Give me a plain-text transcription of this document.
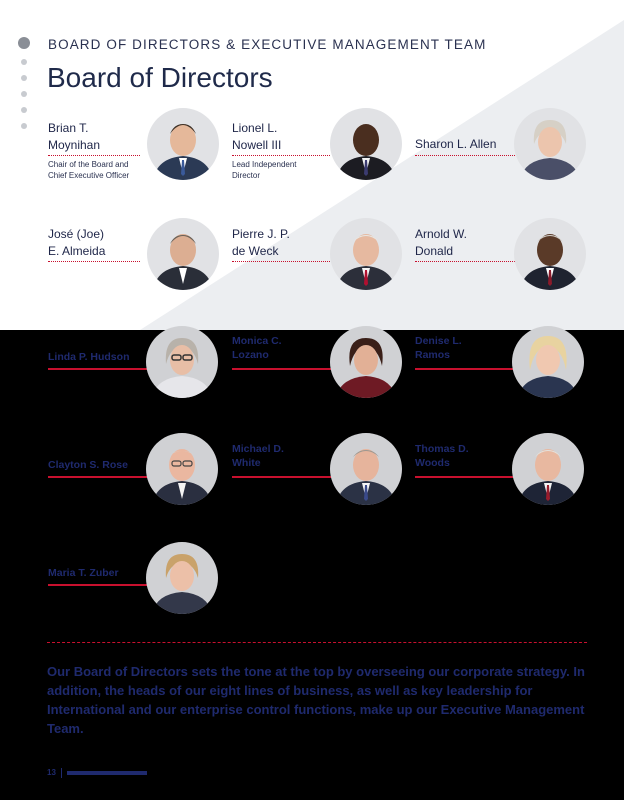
BOARD OF DIRECTORS & EXECUTIVE MANAGEMENT TEAM
Board of Directors
Brian T.
Moynihan
Chair of the Board and
Chief Executive Officer
Lionel L.
Nowell III
Lead Independent
Director
Sharon L. Allen
José (Joe)
E. Almeida
Pierre J. P.
de Weck
Arnold W.
Donald
Linda P. Hudson
Monica C.
Lozano
Denise L.
Ramos
Clayton S. Rose
Michael D.
White
Thomas D.
Woods
Maria T. Zuber

Our Board of Directors sets the tone at the top by overseeing our corporate strategy. In addition, the heads of our eight lines of business, as well as key leadership for International and our enterprise control functions, make up our Executive Management Team.

13
